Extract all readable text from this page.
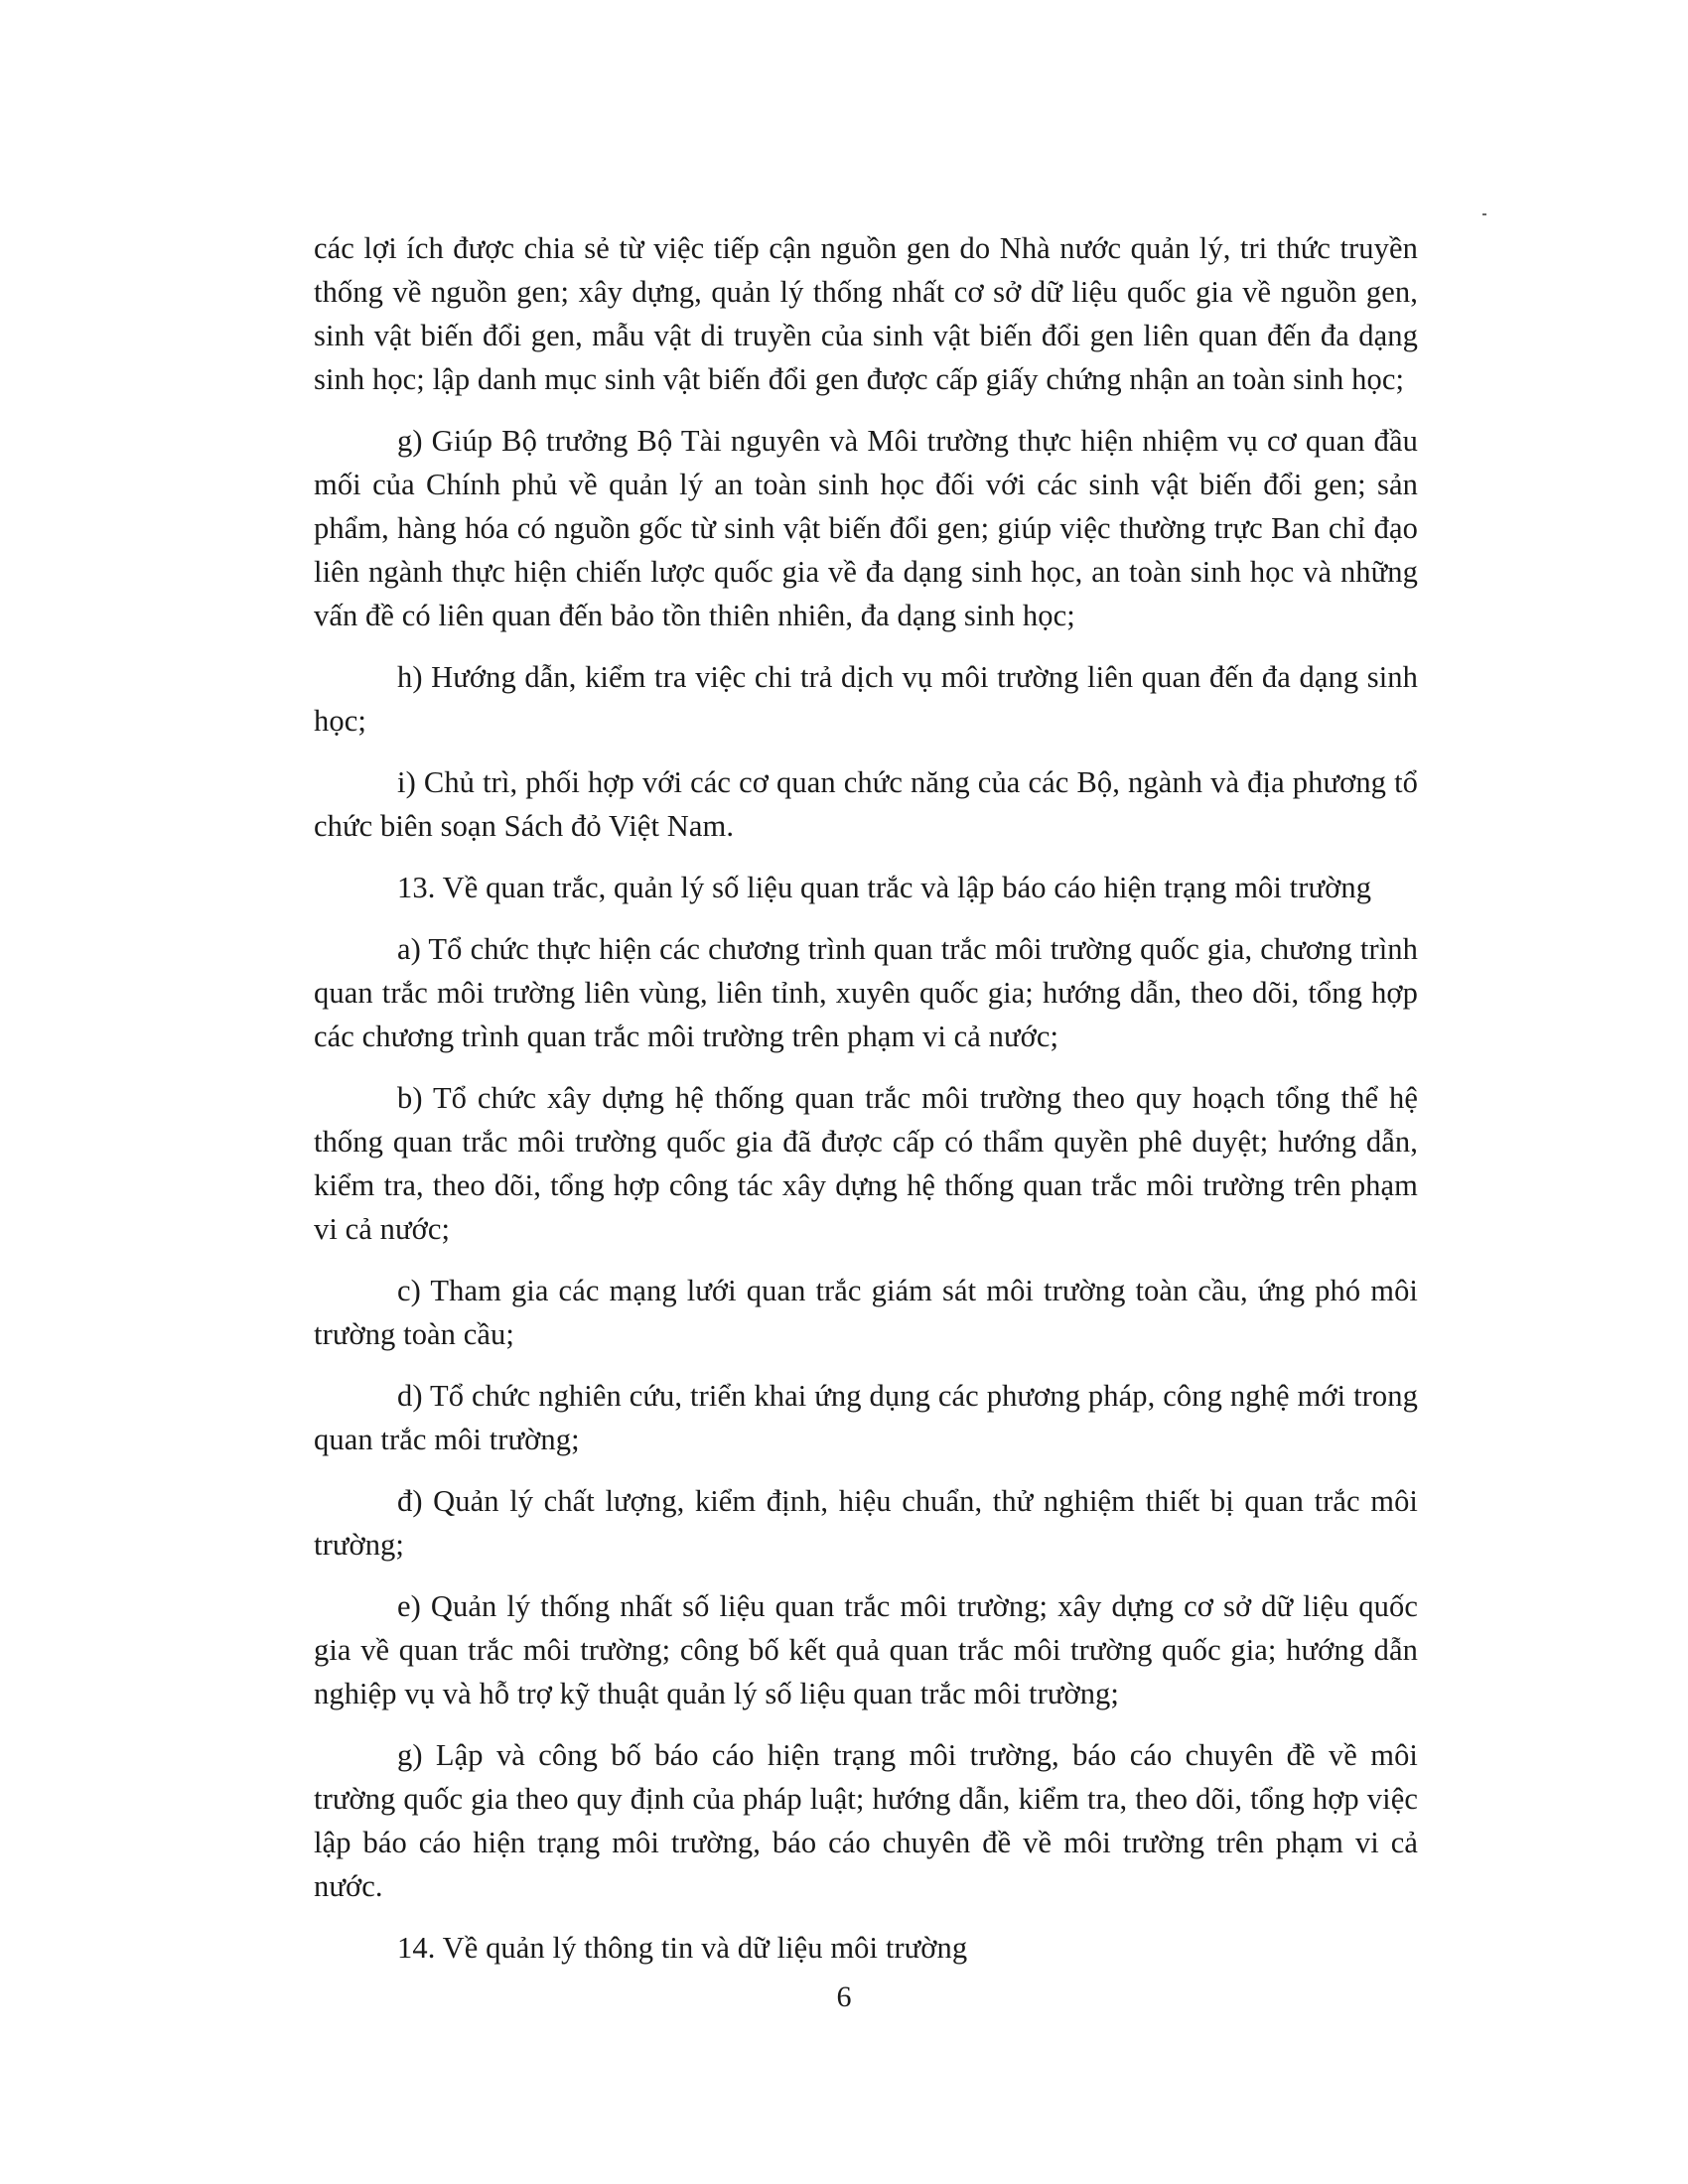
các lợi ích được chia sẻ từ việc tiếp cận nguồn gen do Nhà nước quản lý, tri thức truyền thống về nguồn gen; xây dựng, quản lý thống nhất cơ sở dữ liệu quốc gia về nguồn gen, sinh vật biến đổi gen, mẫu vật di truyền của sinh vật biến đổi gen liên quan đến đa dạng sinh học; lập danh mục sinh vật biến đổi gen được cấp giấy chứng nhận an toàn sinh học;

g) Giúp Bộ trưởng Bộ Tài nguyên và Môi trường thực hiện nhiệm vụ cơ quan đầu mối của Chính phủ về quản lý an toàn sinh học đối với các sinh vật biến đổi gen; sản phẩm, hàng hóa có nguồn gốc từ sinh vật biến đổi gen; giúp việc thường trực Ban chỉ đạo liên ngành thực hiện chiến lược quốc gia về đa dạng sinh học, an toàn sinh học và những vấn đề có liên quan đến bảo tồn thiên nhiên, đa dạng sinh học;

h) Hướng dẫn, kiểm tra việc chi trả dịch vụ môi trường liên quan đến đa dạng sinh học;

i) Chủ trì, phối hợp với các cơ quan chức năng của các Bộ, ngành và địa phương tổ chức biên soạn Sách đỏ Việt Nam.

13. Về quan trắc, quản lý số liệu quan trắc và lập báo cáo hiện trạng môi trường

a) Tổ chức thực hiện các chương trình quan trắc môi trường quốc gia, chương trình quan trắc môi trường liên vùng, liên tỉnh, xuyên quốc gia; hướng dẫn, theo dõi, tổng hợp các chương trình quan trắc môi trường trên phạm vi cả nước;

b) Tổ chức xây dựng hệ thống quan trắc môi trường theo quy hoạch tổng thể hệ thống quan trắc môi trường quốc gia đã được cấp có thẩm quyền phê duyệt; hướng dẫn, kiểm tra, theo dõi, tổng hợp công tác xây dựng hệ thống quan trắc môi trường trên phạm vi cả nước;

c) Tham gia các mạng lưới quan trắc giám sát môi trường toàn cầu, ứng phó môi trường toàn cầu;

d) Tổ chức nghiên cứu, triển khai ứng dụng các phương pháp, công nghệ mới trong quan trắc môi trường;

đ) Quản lý chất lượng, kiểm định, hiệu chuẩn, thử nghiệm thiết bị quan trắc môi trường;

e) Quản lý thống nhất số liệu quan trắc môi trường; xây dựng cơ sở dữ liệu quốc gia về quan trắc môi trường; công bố kết quả quan trắc môi trường quốc gia; hướng dẫn nghiệp vụ và hỗ trợ kỹ thuật quản lý số liệu quan trắc môi trường;

g) Lập và công bố báo cáo hiện trạng môi trường, báo cáo chuyên đề về môi trường quốc gia theo quy định của pháp luật; hướng dẫn, kiểm tra, theo dõi, tổng hợp việc lập báo cáo hiện trạng môi trường, báo cáo chuyên đề về môi trường trên phạm vi cả nước.

14. Về quản lý thông tin và dữ liệu môi trường

6
